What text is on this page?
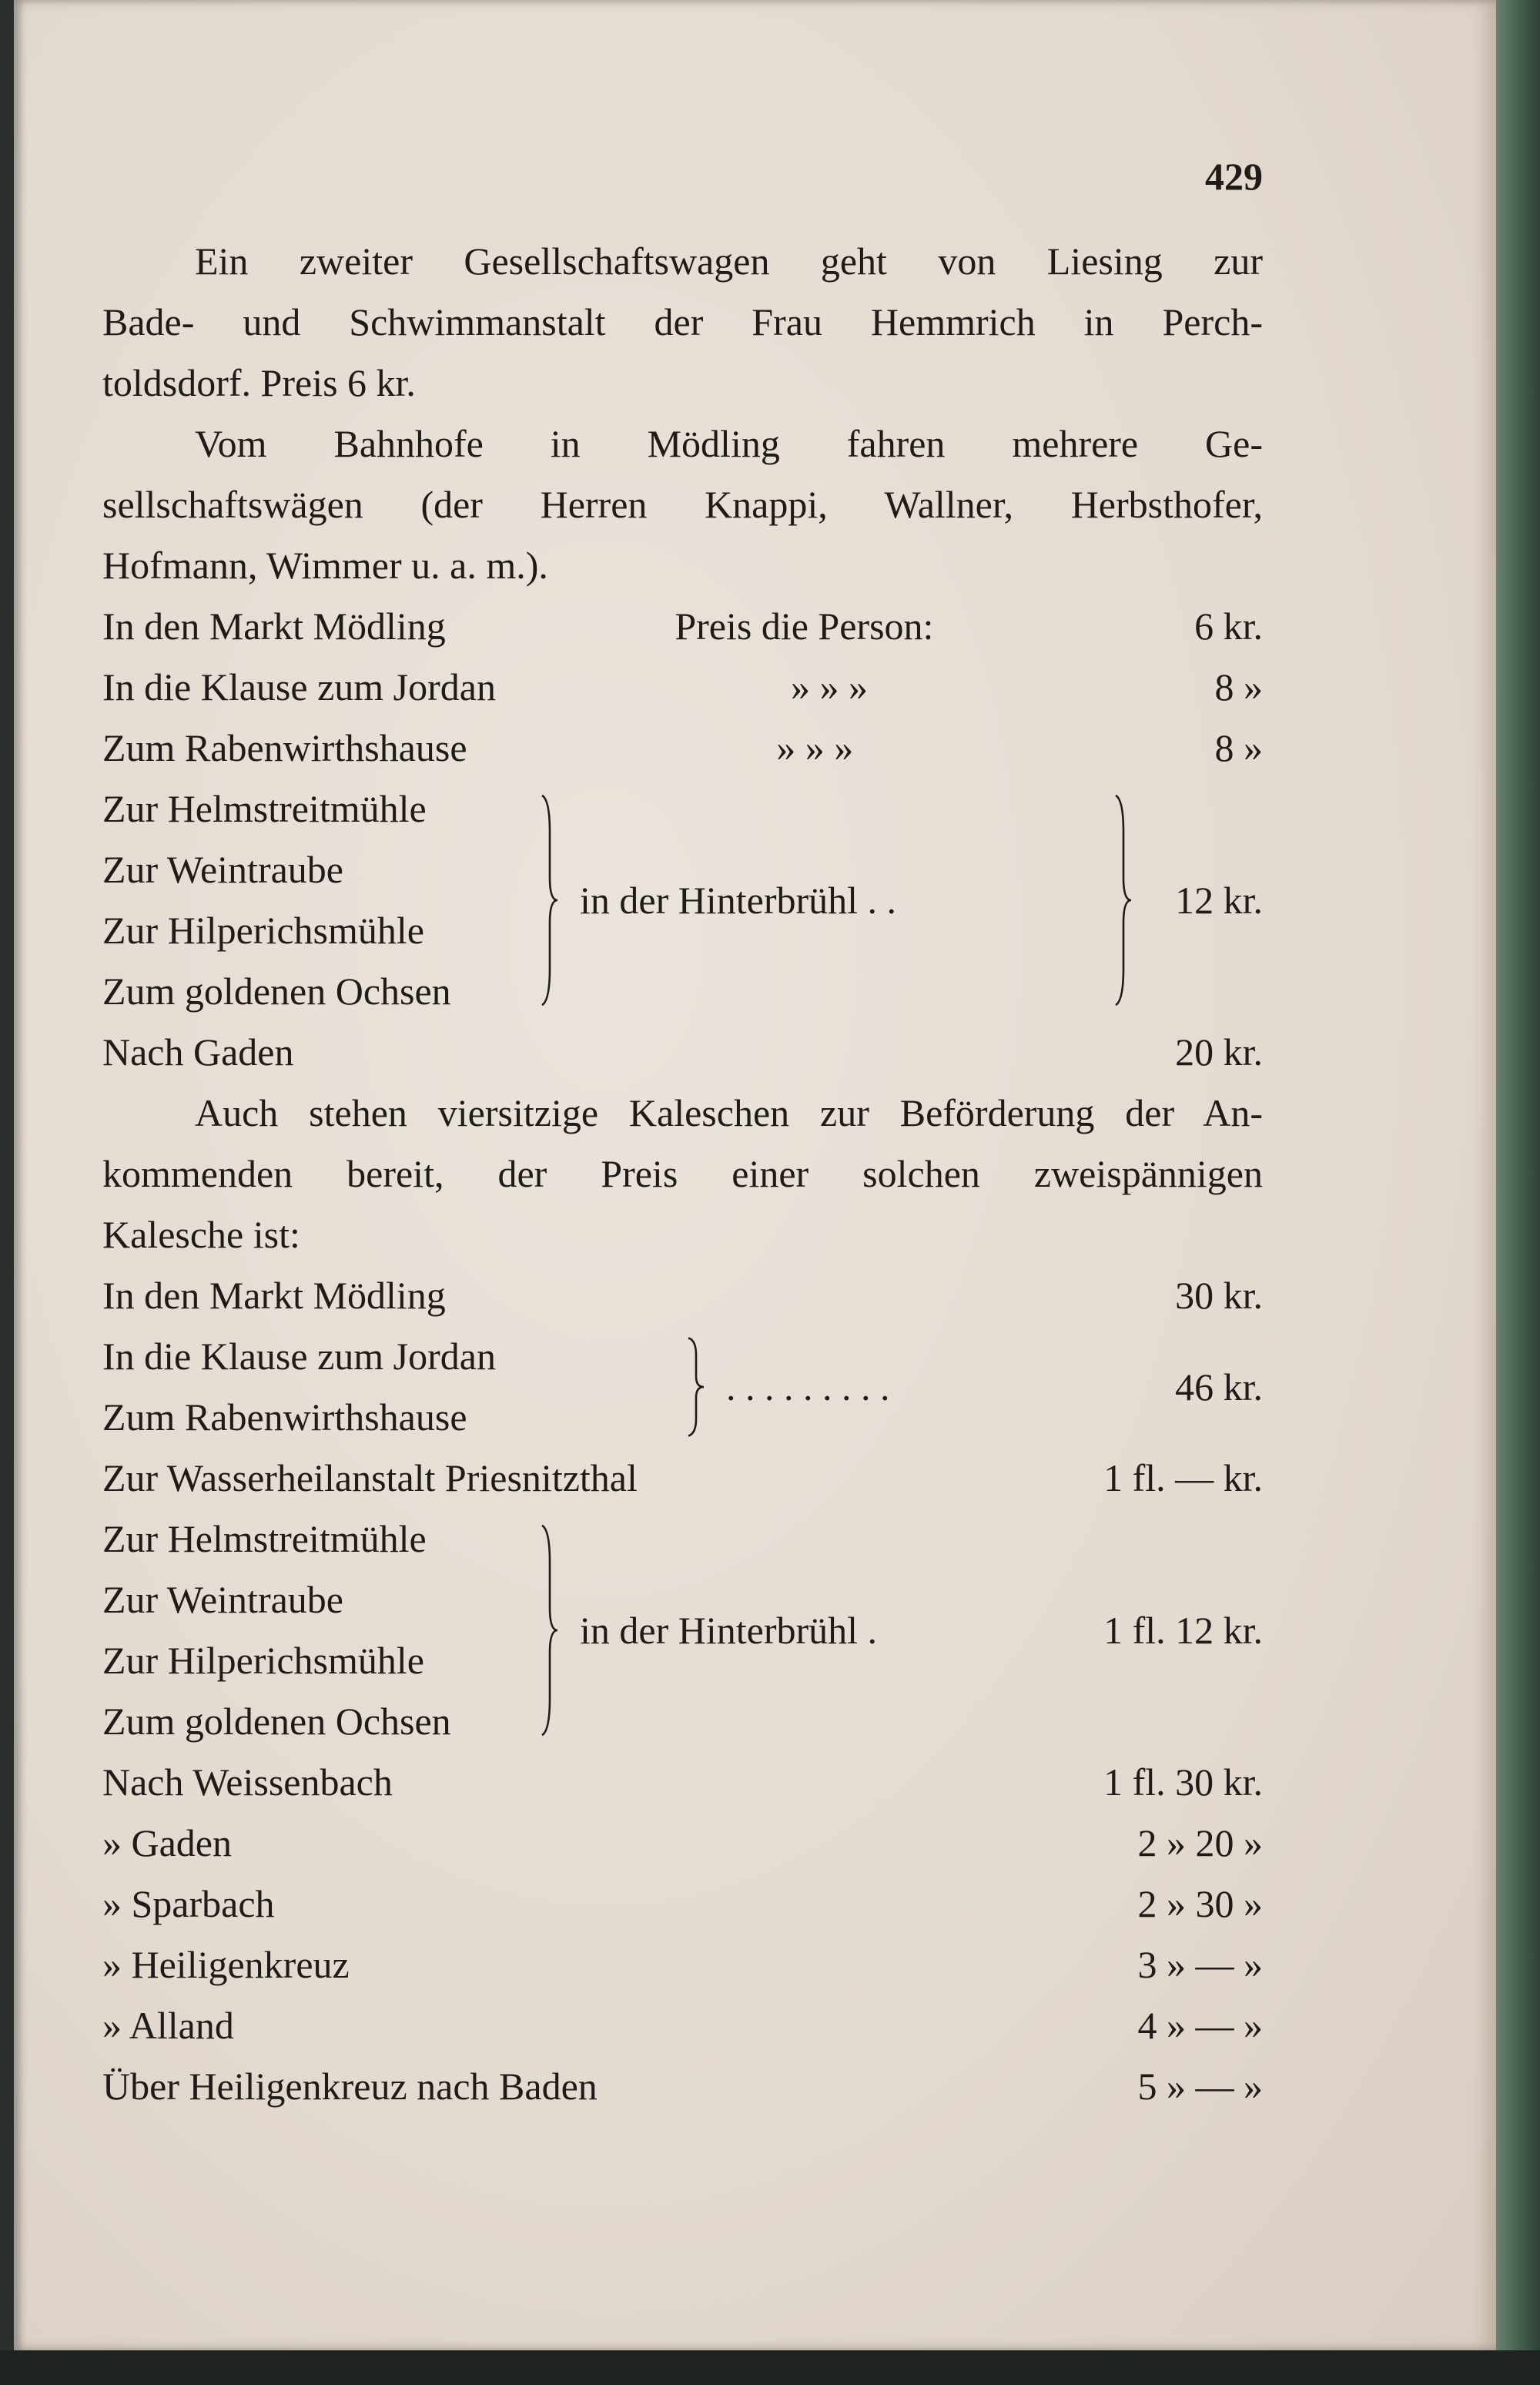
429
Ein zweiter Gesellschaftswagen geht von Liesing zur
Bade- und Schwimmanstalt der Frau Hemmrich in Perch-
toldsdorf. Preis 6 kr.
Vom Bahnhofe in Mödling fahren mehrere Ge-
sellschaftswägen (der Herren Knappi, Wallner, Herbsthofer,
Hofmann, Wimmer u. a. m.).
In den Markt Mödling	Preis die Person:	6 kr.
In die Klause zum Jordan	» » »	8 »
Zum Rabenwirthshause	» » »	8 »
Zur Helmstreitmühle
Zur Weintraube
Zur Hilperichsmühle
Zum goldenen Ochsen
in der Hinterbrühl . .	12 kr.
Nach Gaden	20 kr.
Auch stehen viersitzige Kaleschen zur Beförderung der An-
kommenden bereit, der Preis einer solchen zweispännigen
Kalesche ist:
In den Markt Mödling	30 kr.
In die Klause zum Jordan
Zum Rabenwirthshause
. . . . . . . . .	46 kr.
Zur Wasserheilanstalt Priesnitzthal	1 fl. — kr.
Zur Helmstreitmühle
Zur Weintraube
Zur Hilperichsmühle
Zum goldenen Ochsen
in der Hinterbrühl .	1 fl. 12 kr.
Nach Weissenbach	1 fl. 30 kr.
» Gaden	2 » 20 »
» Sparbach	2 » 30 »
» Heiligenkreuz	3 » — »
» Alland	4 » — »
Über Heiligenkreuz nach Baden	5 » — »
